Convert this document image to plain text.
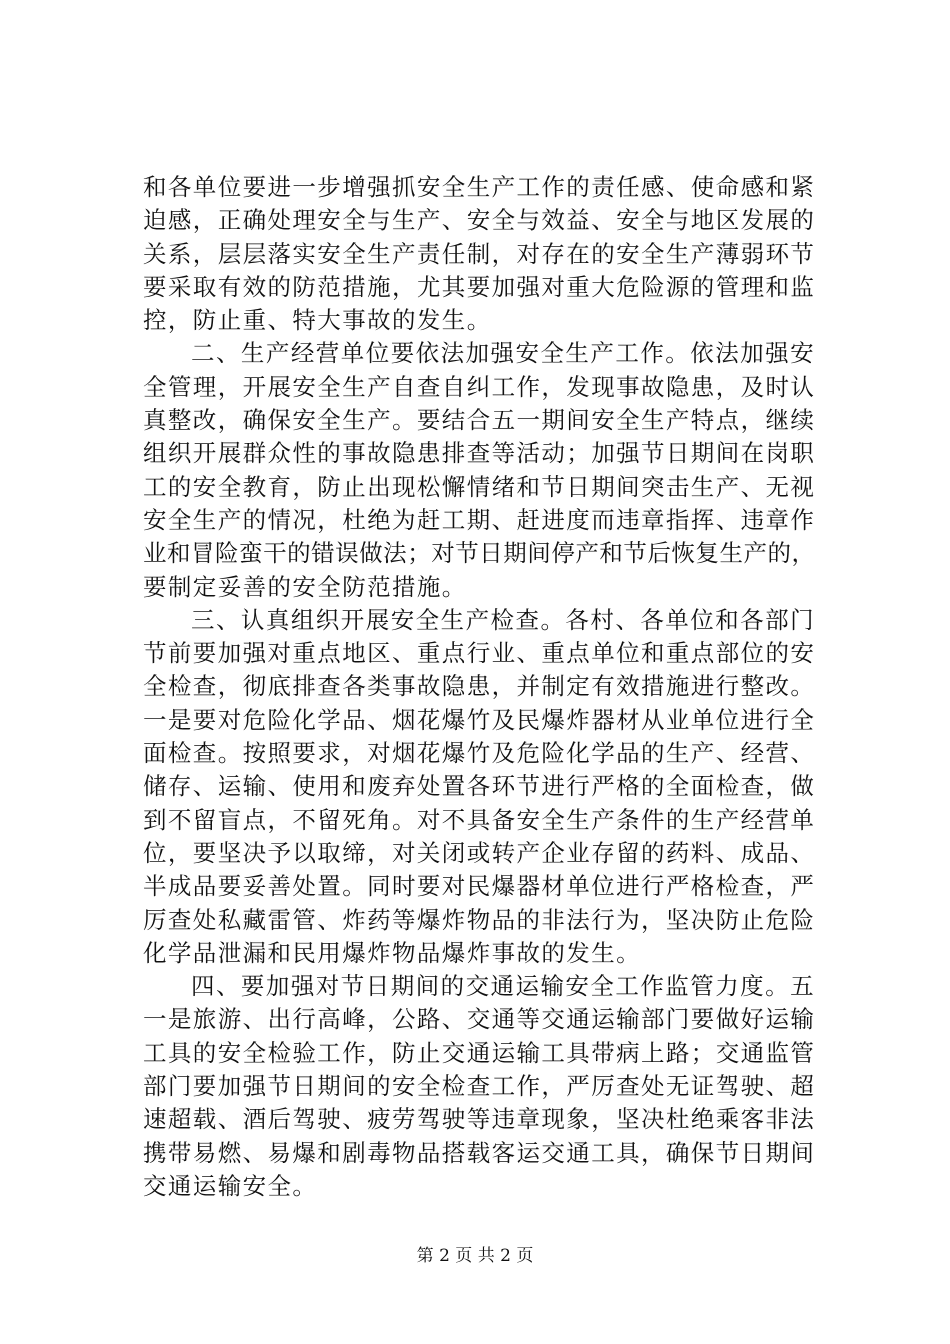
和各单位要进一步增强抓安全生产工作的责任感、使命感和紧
迫感，正确处理安全与生产、安全与效益、安全与地区发展的
关系，层层落实安全生产责任制，对存在的安全生产薄弱环节
要采取有效的防范措施，尤其要加强对重大危险源的管理和监
控，防止重、特大事故的发生。
二、生产经营单位要依法加强安全生产工作。依法加强安
全管理，开展安全生产自查自纠工作，发现事故隐患，及时认
真整改，确保安全生产。要结合五一期间安全生产特点，继续
组织开展群众性的事故隐患排查等活动；加强节日期间在岗职
工的安全教育，防止出现松懈情绪和节日期间突击生产、无视
安全生产的情况，杜绝为赶工期、赶进度而违章指挥、违章作
业和冒险蛮干的错误做法；对节日期间停产和节后恢复生产的，
要制定妥善的安全防范措施。
三、认真组织开展安全生产检查。各村、各单位和各部门
节前要加强对重点地区、重点行业、重点单位和重点部位的安
全检查，彻底排查各类事故隐患，并制定有效措施进行整改。
一是要对危险化学品、烟花爆竹及民爆炸器材从业单位进行全
面检查。按照要求，对烟花爆竹及危险化学品的生产、经营、
储存、运输、使用和废弃处置各环节进行严格的全面检查，做
到不留盲点，不留死角。对不具备安全生产条件的生产经营单
位，要坚决予以取缔，对关闭或转产企业存留的药料、成品、
半成品要妥善处置。同时要对民爆器材单位进行严格检查，严
厉查处私藏雷管、炸药等爆炸物品的非法行为，坚决防止危险
化学品泄漏和民用爆炸物品爆炸事故的发生。
四、要加强对节日期间的交通运输安全工作监管力度。五
一是旅游、出行高峰，公路、交通等交通运输部门要做好运输
工具的安全检验工作，防止交通运输工具带病上路；交通监管
部门要加强节日期间的安全检查工作，严厉查处无证驾驶、超
速超载、酒后驾驶、疲劳驾驶等违章现象，坚决杜绝乘客非法
携带易燃、易爆和剧毒物品搭载客运交通工具，确保节日期间
交通运输安全。
第 2 页 共 2 页
